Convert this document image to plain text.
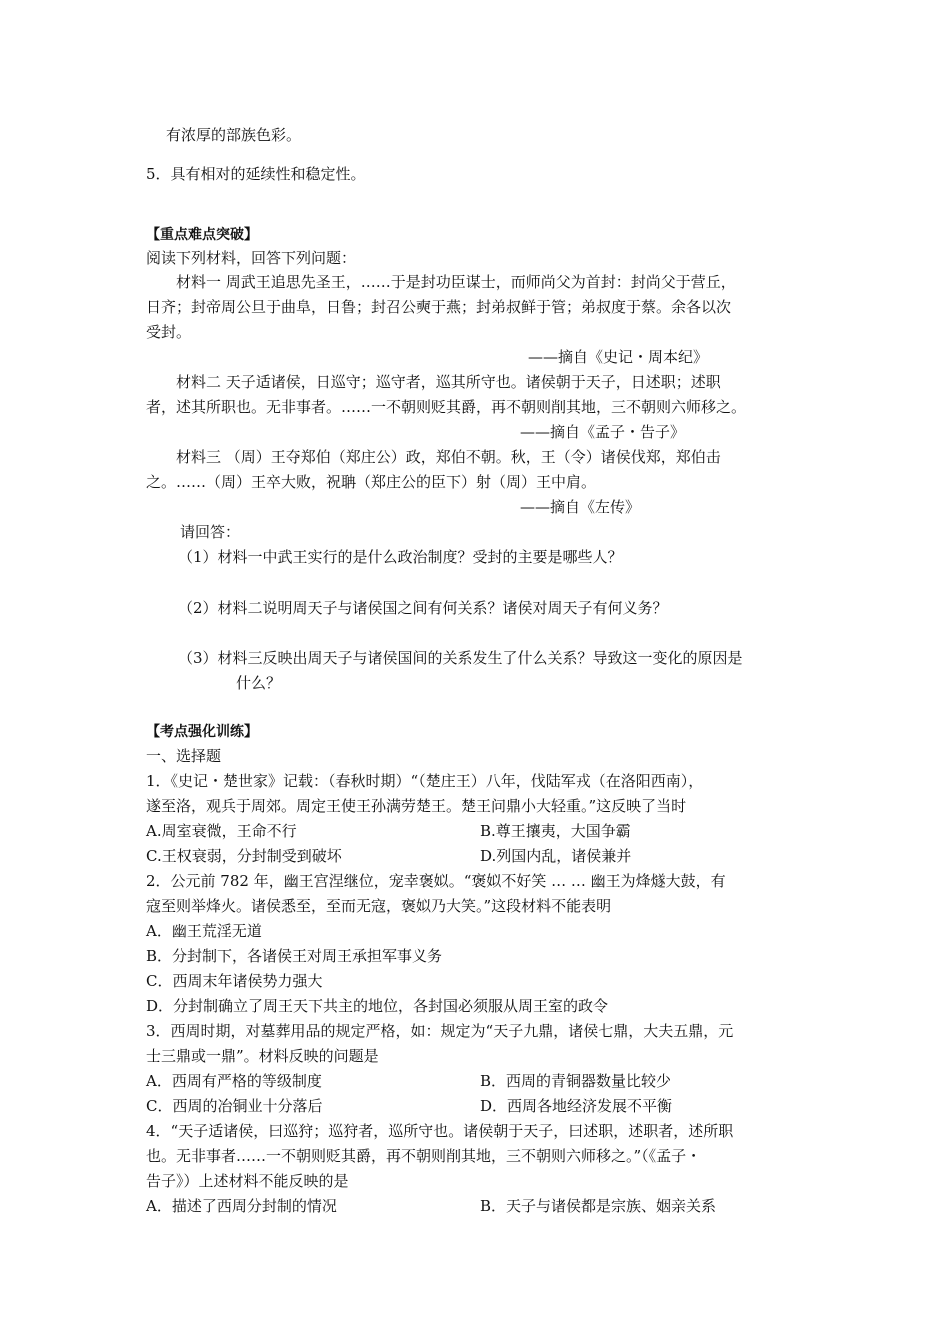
有浓厚的部族色彩。
5．具有相对的延续性和稳定性。
【重点难点突破】
阅读下列材料，回答下列问题：
材料一 周武王追思先圣王，……于是封功臣谋士，而师尚父为首封：封尚父于营丘，
日齐；封帝周公旦于曲阜，日鲁；封召公奭于燕；封弟叔鲜于管；弟叔度于蔡。余各以次
受封。
——摘自《史记・周本纪》
材料二 天子适诸侯，日巡守；巡守者，巡其所守也。诸侯朝于天子，日述职；述职
者，述其所职也。无非事者。……一不朝则贬其爵，再不朝则削其地，三不朝则六师移之。
——摘自《孟子・告子》
材料三 （周）王夺郑伯（郑庄公）政，郑伯不朝。秋，王（令）诸侯伐郑，郑伯击
之。……（周）王卒大败，祝聃（郑庄公的臣下）射（周）王中肩。
——摘自《左传》
请回答：
（1）材料一中武王实行的是什么政治制度？受封的主要是哪些人？
（2）材料二说明周天子与诸侯国之间有何关系？诸侯对周天子有何义务？
（3）材料三反映出周天子与诸侯国间的关系发生了什么关系？导致这一变化的原因是
什么？
【考点强化训练】
一、选择题
1．《史记・楚世家》记载：（春秋时期）“（楚庄王）八年，伐陆军戎（在洛阳西南），
遂至洛，观兵于周郊。周定王使王孙满劳楚王。楚王问鼎小大轻重。”这反映了当时
A.周室衰微，王命不行	B.尊王攘夷，大国争霸
C.王权衰弱，分封制受到破坏	D.列国内乱，诸侯兼并
2．公元前 782 年，幽王宫涅继位，宠幸褒姒。“褒姒不好笑 … … 幽王为烽燧大鼓，有
寇至则举烽火。诸侯悉至，至而无寇，褒姒乃大笑。”这段材料不能表明
A．幽王荒淫无道
B．分封制下，各诸侯王对周王承担军事义务
C．西周末年诸侯势力强大
D．分封制确立了周王天下共主的地位，各封国必须服从周王室的政令
3．西周时期，对墓葬用品的规定严格，如：规定为“天子九鼎，诸侯七鼎，大夫五鼎，元
士三鼎或一鼎”。材料反映的问题是
A．西周有严格的等级制度	B．西周的青铜器数量比较少
C．西周的冶铜业十分落后	D．西周各地经济发展不平衡
4．“天子适诸侯，曰巡狩；巡狩者，巡所守也。诸侯朝于天子，曰述职，述职者，述所职
也。无非事者……一不朝则贬其爵，再不朝则削其地，三不朝则六师移之。”（《孟子・
告子》）上述材料不能反映的是
A．描述了西周分封制的情况	B．天子与诸侯都是宗族、姻亲关系
